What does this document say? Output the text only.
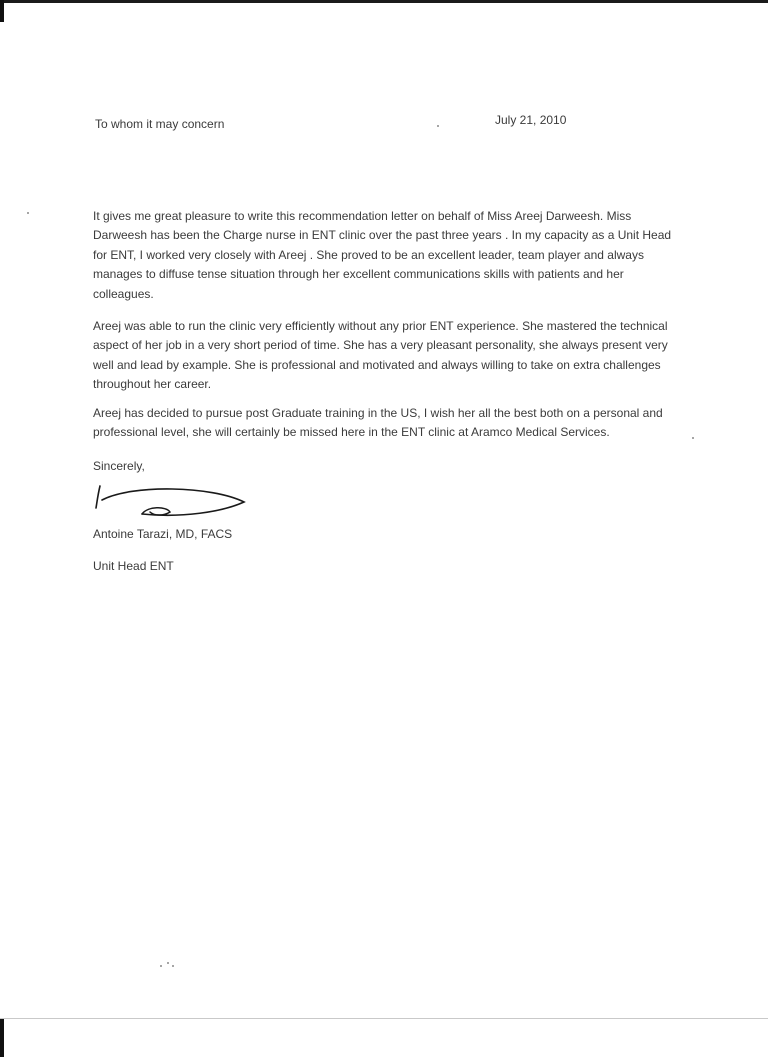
To whom it may concern	July 21, 2010

It gives me great pleasure to write this recommendation letter on behalf of Miss Areej Darweesh. Miss Darweesh has been the Charge nurse in ENT clinic over the past three years . In my capacity as a Unit Head for ENT, I worked very closely with Areej . She proved to be an excellent leader, team player and always manages to diffuse tense situation through her excellent communications skills with patients and her colleagues.

Areej was able to run the clinic very efficiently without any prior ENT experience. She mastered the technical aspect of her job in a very short period of time. She has a very pleasant personality, she always present very well and lead by example. She is professional and motivated and always willing to take on extra challenges throughout her career.

Areej has decided to pursue post Graduate training in the US, I wish her all the best both on a personal and professional level, she will certainly be missed here in the ENT clinic at Aramco Medical Services.

Sincerely,
Antoine Tarazi, MD, FACS
Unit Head ENT
